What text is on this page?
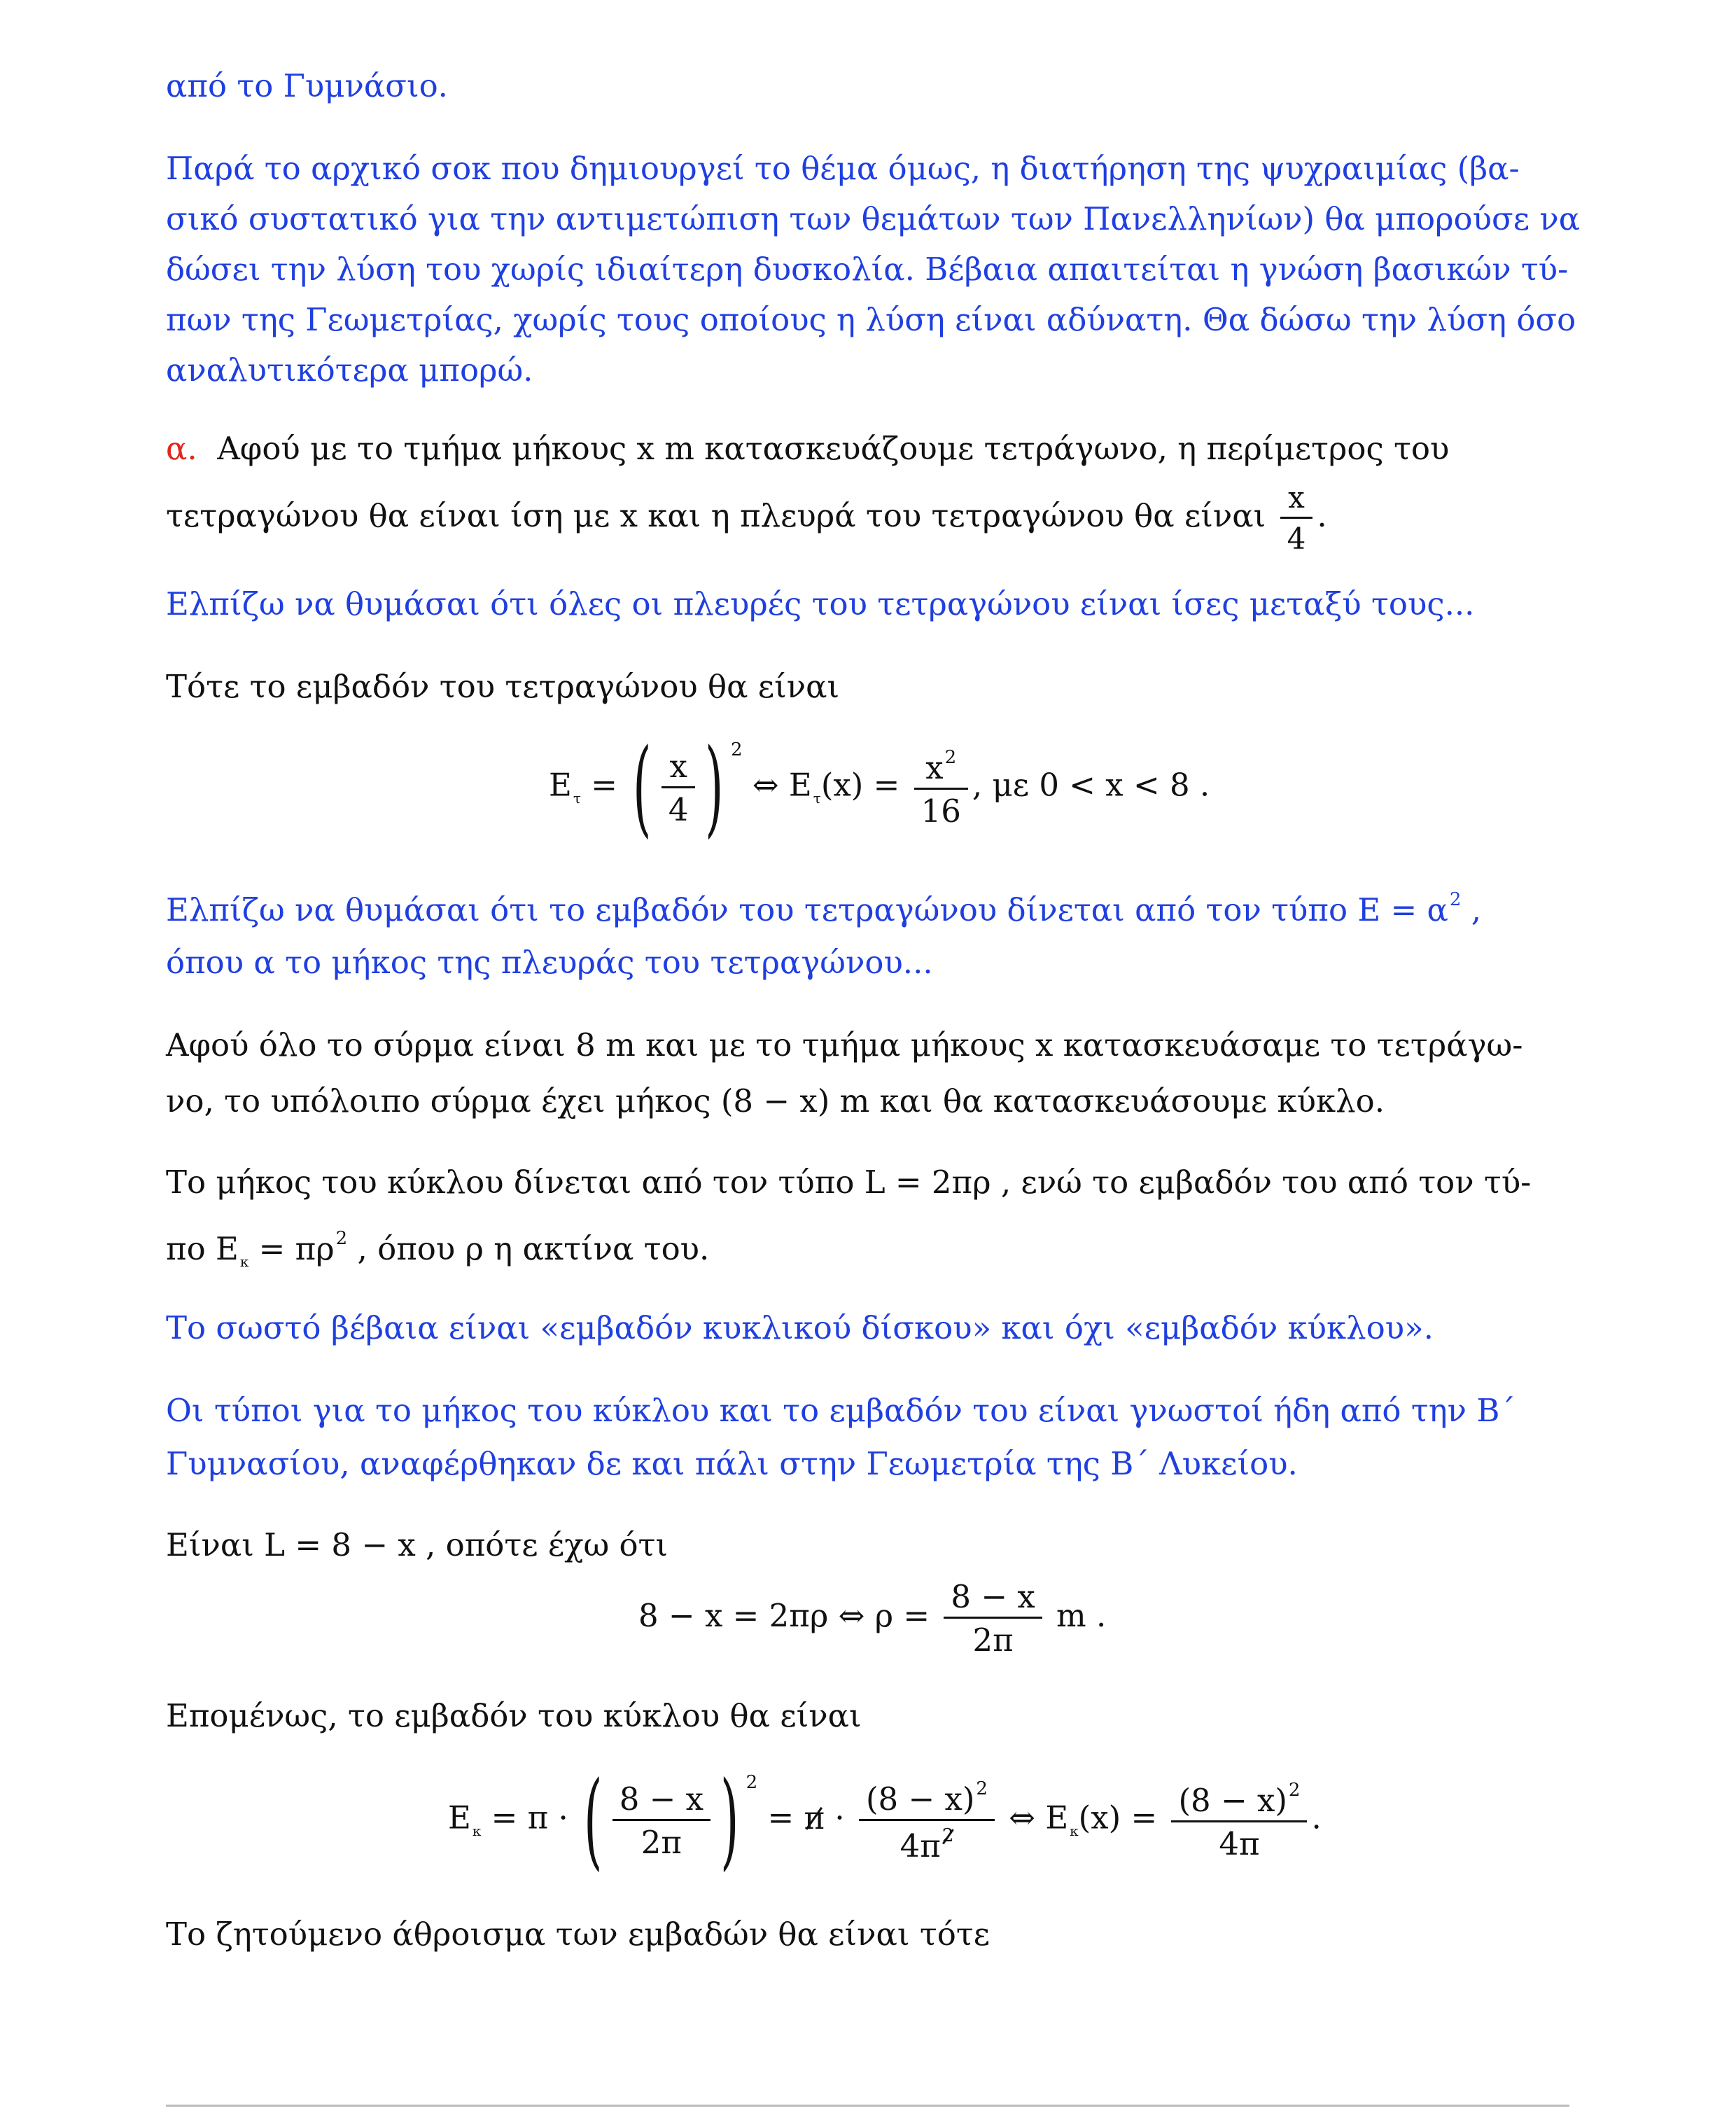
από το Γυμνάσιο.
Παρά το αρχικό σοκ που δημιουργεί το θέμα όμως, η διατήρηση της ψυχραιμίας (βα-
σικό συστατικό για την αντιμετώπιση των θεμάτων των Πανελληνίων) θα μπορούσε να
δώσει την λύση του χωρίς ιδιαίτερη δυσκολία. Βέβαια απαιτείται η γνώση βασικών τύ-
πων της Γεωμετρίας, χωρίς τους οποίους η λύση είναι αδύνατη. Θα δώσω την λύση όσο
αναλυτικότερα μπορώ.
α. Αφού με το τμήμα μήκους x m κατασκευάζουμε τετράγωνο, η περίμετρος του
τετραγώνου θα είναι ίση με x και η πλευρά του τετραγώνου θα είναι $\frac{x}{4}$ .
Ελπίζω να θυμάσαι ότι όλες οι πλευρές του τετραγώνου είναι ίσες μεταξύ τους...
Τότε το εμβαδόν του τετραγώνου θα είναι
E $_\tau$ = ( $\frac{x}{4}$ ) $^2$ ⇔ E $_\tau(x) = \frac{x^2}{16}$ , με 0 < x < 8 .
Ελπίζω να θυμάσαι ότι το εμβαδόν του τετραγώνου δίνεται από τον τύπο $E = \alpha^2$ ,
όπου α το μήκος της πλευράς του τετραγώνου...
Αφού όλο το σύρμα είναι 8 m και με το τμήμα μήκους x κατασκευάσαμε το τετράγω-
νο, το υπόλοιπο σύρμα έχει μήκος (8 − x) m και θα κατασκευάσουμε κύκλο.
Το μήκος του κύκλου δίνεται από τον τύπο L = 2πρ , ενώ το εμβαδόν του από τον τύ-
πο E $_\kappa = \pi\rho^2$ , όπου ρ η ακτίνα του.
Το σωστό βέβαια είναι «εμβαδόν κυκλικού δίσκου» και όχι «εμβαδόν κύκλου».
Οι τύποι για το μήκος του κύκλου και το εμβαδόν του είναι γνωστοί ήδη από την Β΄
Γυμνασίου, αναφέρθηκαν δε και πάλι στην Γεωμετρία της Β΄ Λυκείου.
Είναι L = 8 − x , οπότε έχω ότι
8 − x = 2πρ ⇔ $\rho = \frac{8 - x}{2\pi}$ m .
Επομένως, το εμβαδόν του κύκλου θα είναι
E $_\kappa$ = π · ( $\frac{8 - x}{2\pi}$ ) $^2 = \pi \cdot \frac{(8 - x)^2}{4\pi 2}$ ⇔ E $_\kappa(x) = \frac{(8 - x)^2}{4\pi}$ .
Το ζητούμενο άθροισμα των εμβαδών θα είναι τότε
